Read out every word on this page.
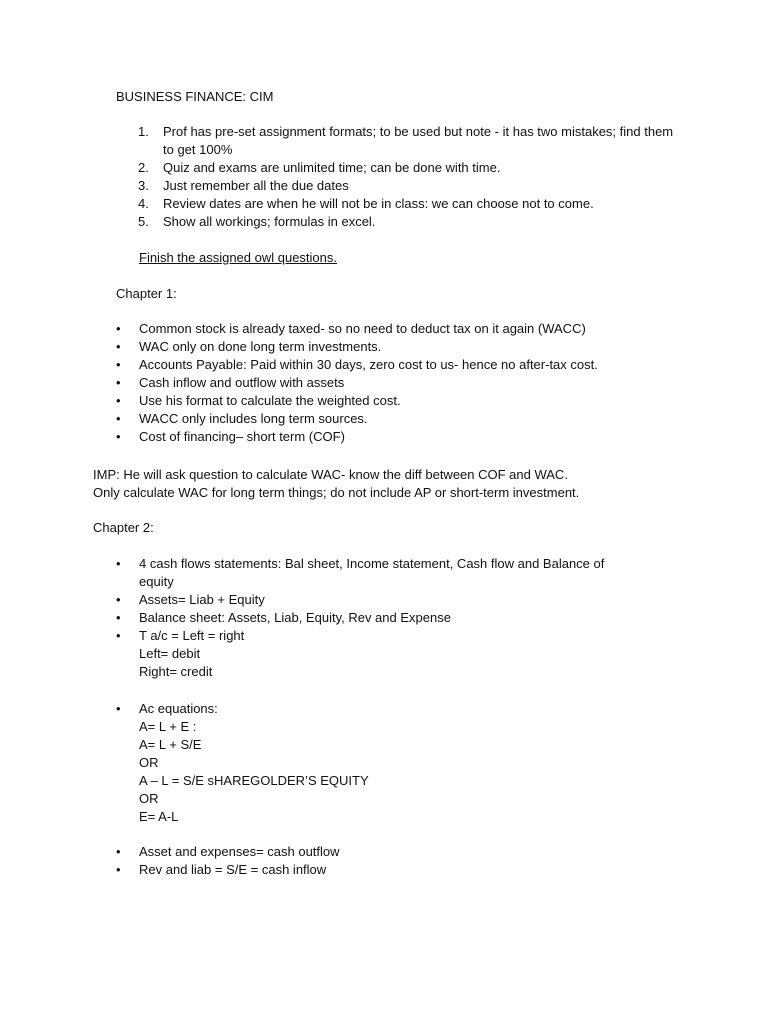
BUSINESS FINANCE: CIM
1. Prof has pre-set assignment formats; to be used but note - it has two mistakes; find them to get 100%
2. Quiz and exams are unlimited time; can be done with time.
3. Just remember all the due dates
4. Review dates are when he will not be in class: we can choose not to come.
5. Show all workings; formulas in excel.
Finish the assigned owl questions.
Chapter 1:
• Common stock is already taxed- so no need to deduct tax on it again (WACC)
• WAC only on done long term investments.
• Accounts Payable: Paid within 30 days, zero cost to us- hence no after-tax cost.
• Cash inflow and outflow with assets
• Use his format to calculate the weighted cost.
• WACC only includes long term sources.
• Cost of financing– short term (COF)
IMP: He will ask question to calculate WAC- know the diff between COF and WAC.
Only calculate WAC for long term things; do not include AP or short-term investment.
Chapter 2:
• 4 cash flows statements: Bal sheet, Income statement, Cash flow and Balance of
equity
• Assets= Liab + Equity
• Balance sheet: Assets, Liab, Equity, Rev and Expense
• T a/c = Left = right
Left= debit
Right= credit
• Ac equations:
A= L + E :
A= L + S/E
OR
A – L = S/E sHAREGOLDER’S EQUITY
OR
E= A-L
• Asset and expenses= cash outflow
• Rev and liab = S/E = cash inflow
